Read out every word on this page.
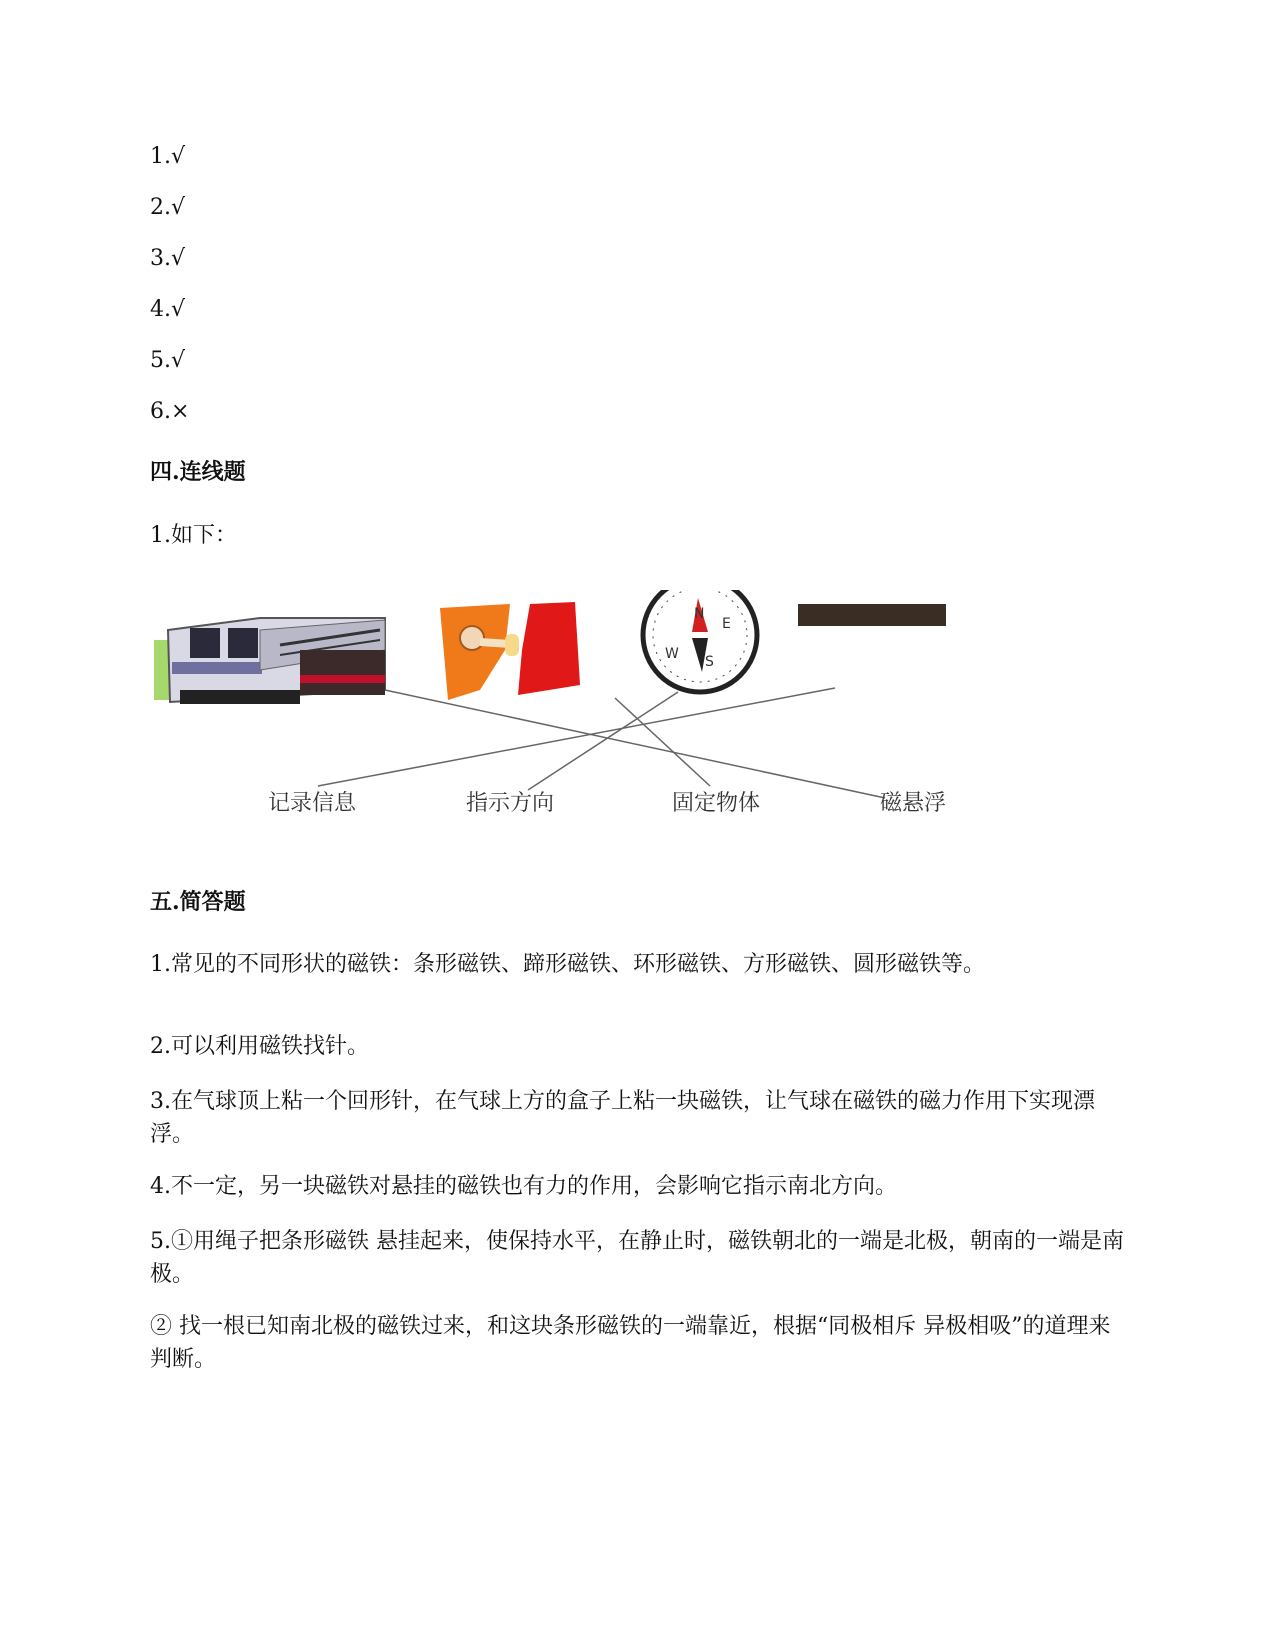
1.√
2.√
3.√
4.√
5.√
6.×
四.连线题
1.如下：
N
E
S
W
记录信息	指示方向	固定物体	磁悬浮
五.简答题
1.常见的不同形状的磁铁：条形磁铁、蹄形磁铁、环形磁铁、方形磁铁、圆形磁铁等。
2.可以利用磁铁找针。
3.在气球顶上粘一个回形针，在气球上方的盒子上粘一块磁铁，让气球在磁铁的磁力作用下实现漂浮。
4.不一定，另一块磁铁对悬挂的磁铁也有力的作用，会影响它指示南北方向。
5.①用绳子把条形磁铁 悬挂起来，使保持水平，在静止时，磁铁朝北的一端是北极，朝南的一端是南极。
② 找一根已知南北极的磁铁过来，和这块条形磁铁的一端靠近，根据“同极相斥 异极相吸”的道理来判断。
